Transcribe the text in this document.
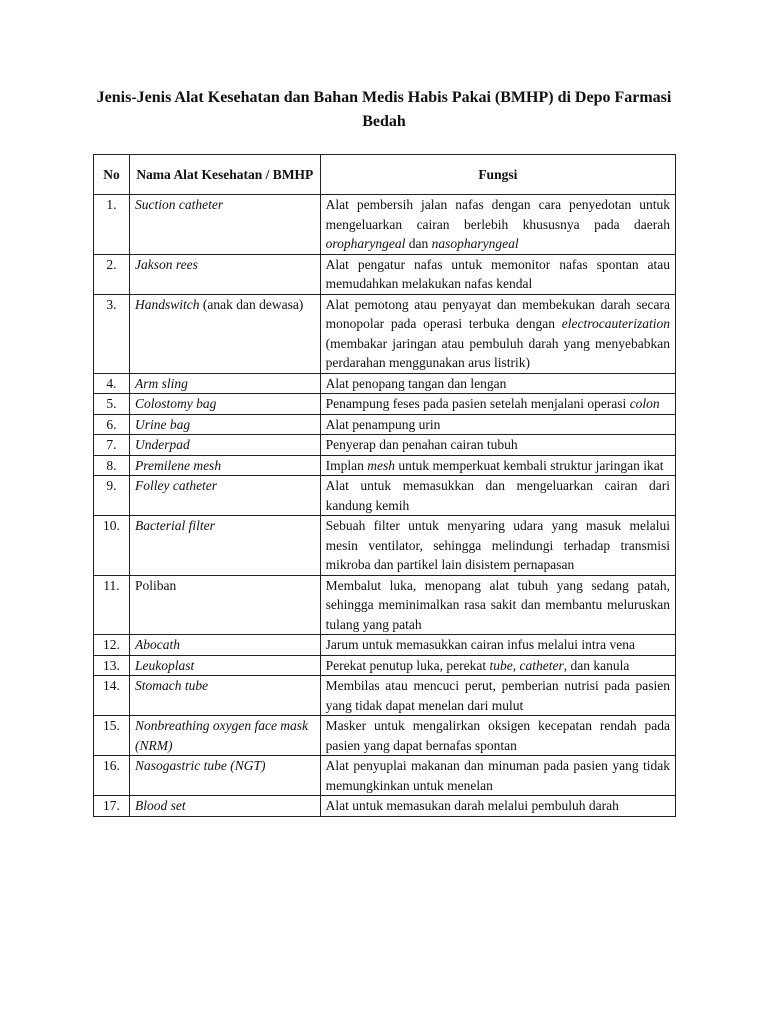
Jenis-Jenis Alat Kesehatan dan Bahan Medis Habis Pakai (BMHP) di Depo Farmasi Bedah
No	Nama Alat Kesehatan / BMHP	Fungsi
1.	Suction catheter	Alat pembersih jalan nafas dengan cara penyedotan untuk mengeluarkan cairan berlebih khususnya pada daerah oropharyngeal dan nasopharyngeal
2.	Jakson rees	Alat pengatur nafas untuk memonitor nafas spontan atau memudahkan melakukan nafas kendal
3.	Handswitch (anak dan dewasa)	Alat pemotong atau penyayat dan membekukan darah secara monopolar pada operasi terbuka dengan electrocauterization (membakar jaringan atau pembuluh darah yang menyebabkan perdarahan menggunakan arus listrik)
4.	Arm sling	Alat penopang tangan dan lengan
5.	Colostomy bag	Penampung feses pada pasien setelah menjalani operasi colon
6.	Urine bag	Alat penampung urin
7.	Underpad	Penyerap dan penahan cairan tubuh
8.	Premilene mesh	Implan mesh untuk memperkuat kembali struktur jaringan ikat
9.	Folley catheter	Alat untuk memasukkan dan mengeluarkan cairan dari kandung kemih
10.	Bacterial filter	Sebuah filter untuk menyaring udara yang masuk melalui mesin ventilator, sehingga melindungi terhadap transmisi mikroba dan partikel lain disistem pernapasan
11.	Poliban	Membalut luka, menopang alat tubuh yang sedang patah, sehingga meminimalkan rasa sakit dan membantu meluruskan tulang yang patah
12.	Abocath	Jarum untuk memasukkan cairan infus melalui intra vena
13.	Leukoplast	Perekat penutup luka, perekat tube, catheter, dan kanula
14.	Stomach tube	Membilas atau mencuci perut, pemberian nutrisi pada pasien yang tidak dapat menelan dari mulut
15.	Nonbreathing oxygen face mask (NRM)	Masker untuk mengalirkan oksigen kecepatan rendah pada pasien yang dapat bernafas spontan
16.	Nasogastric tube (NGT)	Alat penyuplai makanan dan minuman pada pasien yang tidak memungkinkan untuk menelan
17.	Blood set	Alat untuk memasukan darah melalui pembuluh darah
